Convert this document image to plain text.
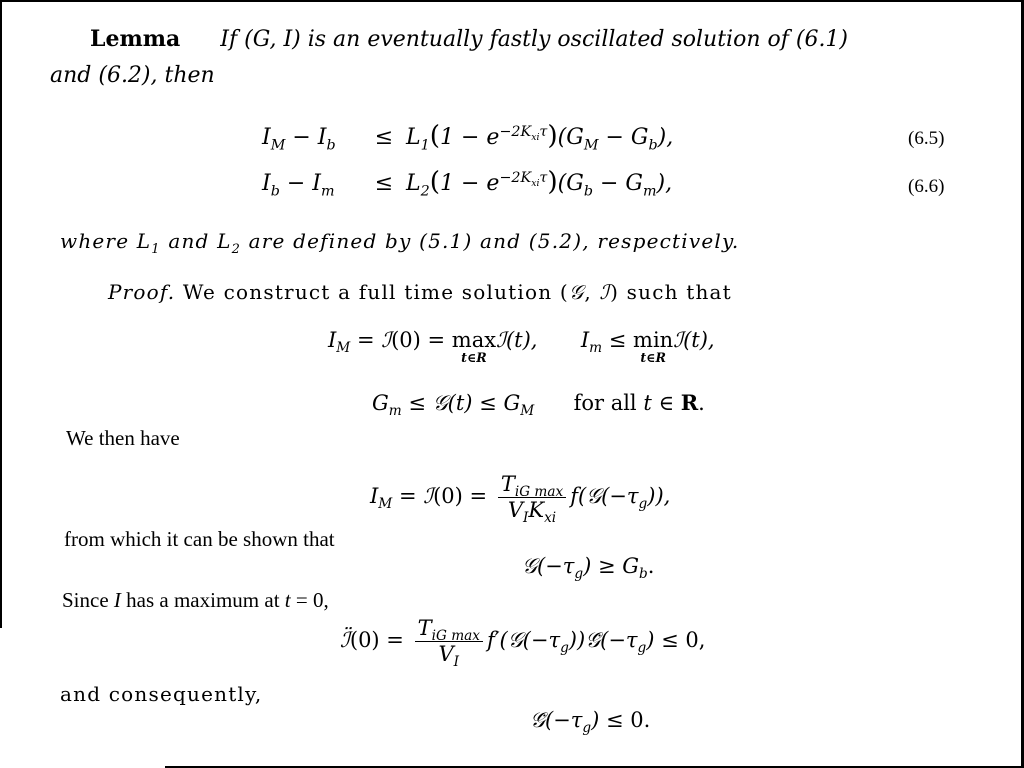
Lemma If (G, I) is an eventually fastly oscillated solution of (6.1)
and (6.2), then
$I_M - I_b$	≤ $L_1(1 - e^{-2K_{xi}\tau})(G_M - G_b)$,	(6.5)
$I_b - I_m$	≤ $L_2(1 - e^{-2K_{xi}\tau})(G_b - G_m)$,	(6.6)
where $L_1$ and $L_2$ are defined by (5.1) and (5.2), respectively.
Proof. We construct a full time solution (𝒢, ℐ) such that
$I_M$ = ℐ(0) = max
t∈R
ℐ(t),  $I_m \le \min$
t∈R
ℐ(t),
$G_m$ ≤ 𝒢(t) ≤ $G_M$ for all t ∈ R.
We then have
$I_M$ = ℐ(0) = $\frac{T_{iG max}}{V_IK_{xi}}$ $f(𝒢(-\tau_g))$,
from which it can be shown that
$𝒢(-\tau_g) \ge G_b$.
Since I has a maximum at t = 0,
ℐ̈(0) = $\frac{T_{iG max}}{V_I}$ $f'(𝒢(-\tau_g))𝒢̇(-\tau_g) \le 0$,
and consequently,
$𝒢̇(-\tau_g) \le 0$.
